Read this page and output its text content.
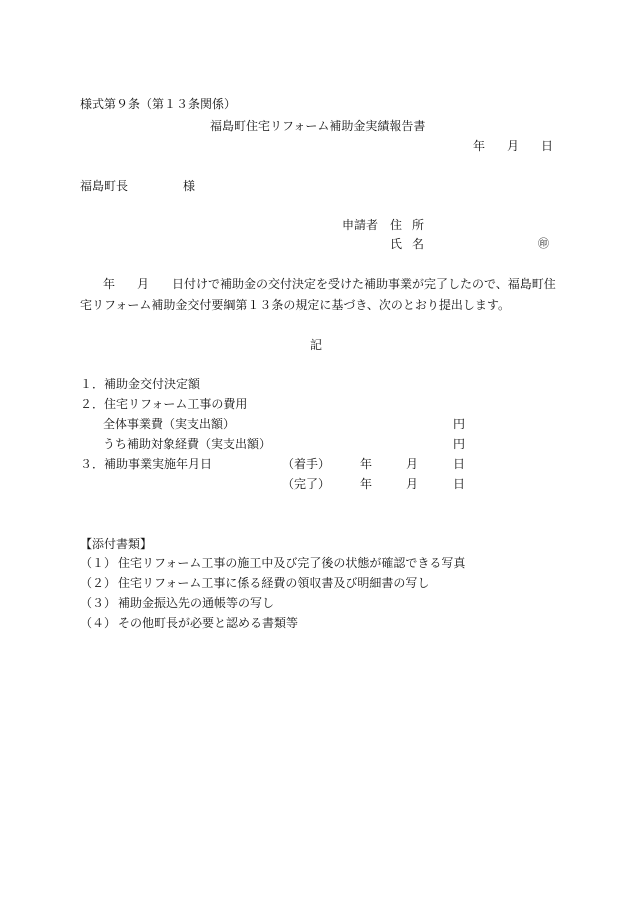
様式第９条（第１３条関係）
福島町住宅リフォーム補助金実績報告書
年 月 日
福島町長	様
申請者 住 所
氏 名	㊞
年 月 日付けで補助金の交付決定を受けた補助事業が完了したので、福島町住
宅リフォーム補助金交付要綱第１３条の規定に基づき、次のとおり提出します。
記
１．補助金交付決定額
２．住宅リフォーム工事の費用
全体事業費（実支出額）	円
うち補助対象経費（実支出額）	円
３．補助事業実施年月日	（着手） 年	月	日
（完了） 年	月	日
【添付書類】
（１） 住宅リフォーム工事の施工中及び完了後の状態が確認できる写真
（２） 住宅リフォーム工事に係る経費の領収書及び明細書の写し
（３） 補助金振込先の通帳等の写し
（４） その他町長が必要と認める書類等
